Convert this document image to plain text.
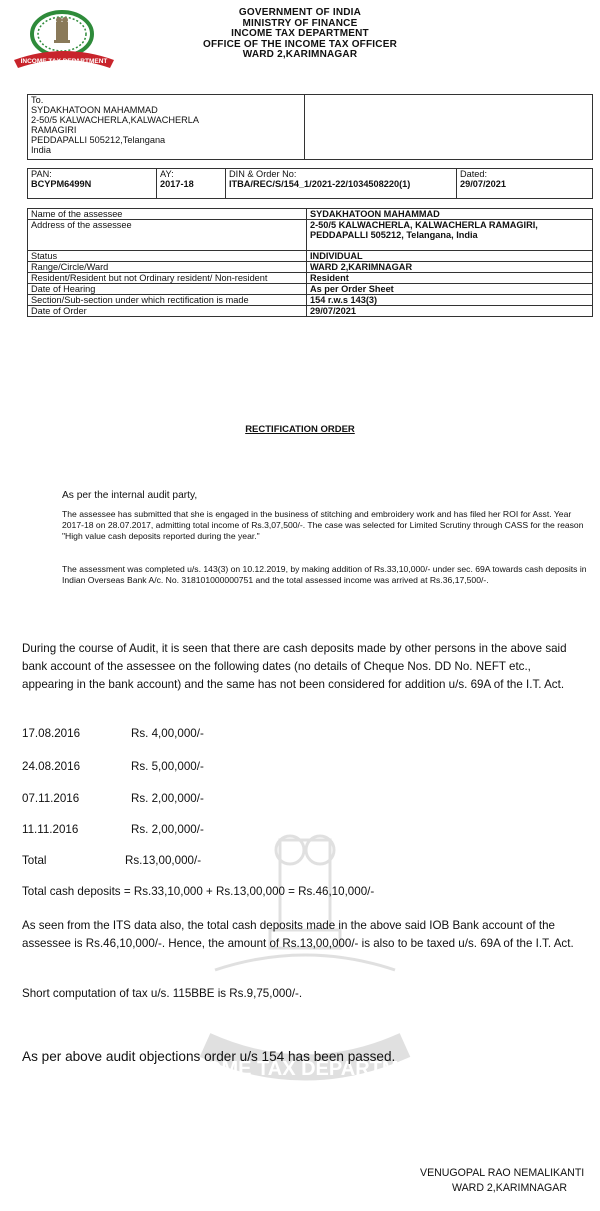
INCOME TAX DEPARTMENT
GOVERNMENT OF INDIA
MINISTRY OF FINANCE
INCOME TAX DEPARTMENT
OFFICE OF THE INCOME TAX OFFICER
WARD 2,KARIMNAGAR
To.
SYDAKHATOON MAHAMMAD
2-50/5 KALWACHERLA,KALWACHERLA
RAMAGIRI
PEDDAPALLI 505212,Telangana
India

PAN:
BCYPM6499N

AY:
2017-18

DIN & Order No:
ITBA/REC/S/154_1/2021-22/1034508220(1)

Dated:
29/07/2021
Name of the assessee	SYDAKHATOON MAHAMMAD
Address of the assessee	2-50/5 KALWACHERLA, KALWACHERLA RAMAGIRI, PEDDAPALLI 505212, Telangana, India
Status	INDIVIDUAL
Range/Circle/Ward	WARD 2,KARIMNAGAR
Resident/Resident but not Ordinary resident/ Non-resident	Resident
Date of Hearing	As per Order Sheet
Section/Sub-section under which rectification is made	154 r.w.s 143(3)
Date of Order	29/07/2021
RECTIFICATION ORDER
As per the internal audit party,
The assessee has submitted that she is engaged in the business of stitching and embroidery work and has filed her ROI for Asst. Year 2017-18 on 28.07.2017, admitting total income of Rs.3,07,500/-. The case was selected for Limited Scrutiny through CASS for the reason "High value cash deposits reported during the year."
The assessment was completed u/s. 143(3) on 10.12.2019, by making addition of Rs.33,10,000/- under sec. 69A towards cash deposits in Indian Overseas Bank A/c. No. 318101000000751 and the total assessed income was arrived at Rs.36,17,500/-.
INCOME TAX DEPARTMENT
During the course of Audit, it is seen that there are cash deposits made by other persons in the above said bank account of the assessee on the following dates (no details of Cheque Nos. DD No. NEFT etc., appearing in the bank account) and the same has not been considered for addition u/s. 69A of the I.T. Act.
17.08.2016	Rs. 4,00,000/-
24.08.2016	Rs. 5,00,000/-
07.11.2016	Rs. 2,00,000/-
11.11.2016	Rs. 2,00,000/-
Total	Rs.13,00,000/-
Total cash deposits = Rs.33,10,000 + Rs.13,00,000 = Rs.46,10,000/-
As seen from the ITS data also, the total cash deposits made in the above said IOB Bank account of the assessee is Rs.46,10,000/-. Hence, the amount of Rs.13,00,000/- is also to be taxed u/s. 69A of the I.T. Act.
Short computation of tax u/s. 115BBE is Rs.9,75,000/-.
As per above audit objections order u/s 154 has been passed.
VENUGOPAL RAO NEMALIKANTI
WARD 2,KARIMNAGAR
